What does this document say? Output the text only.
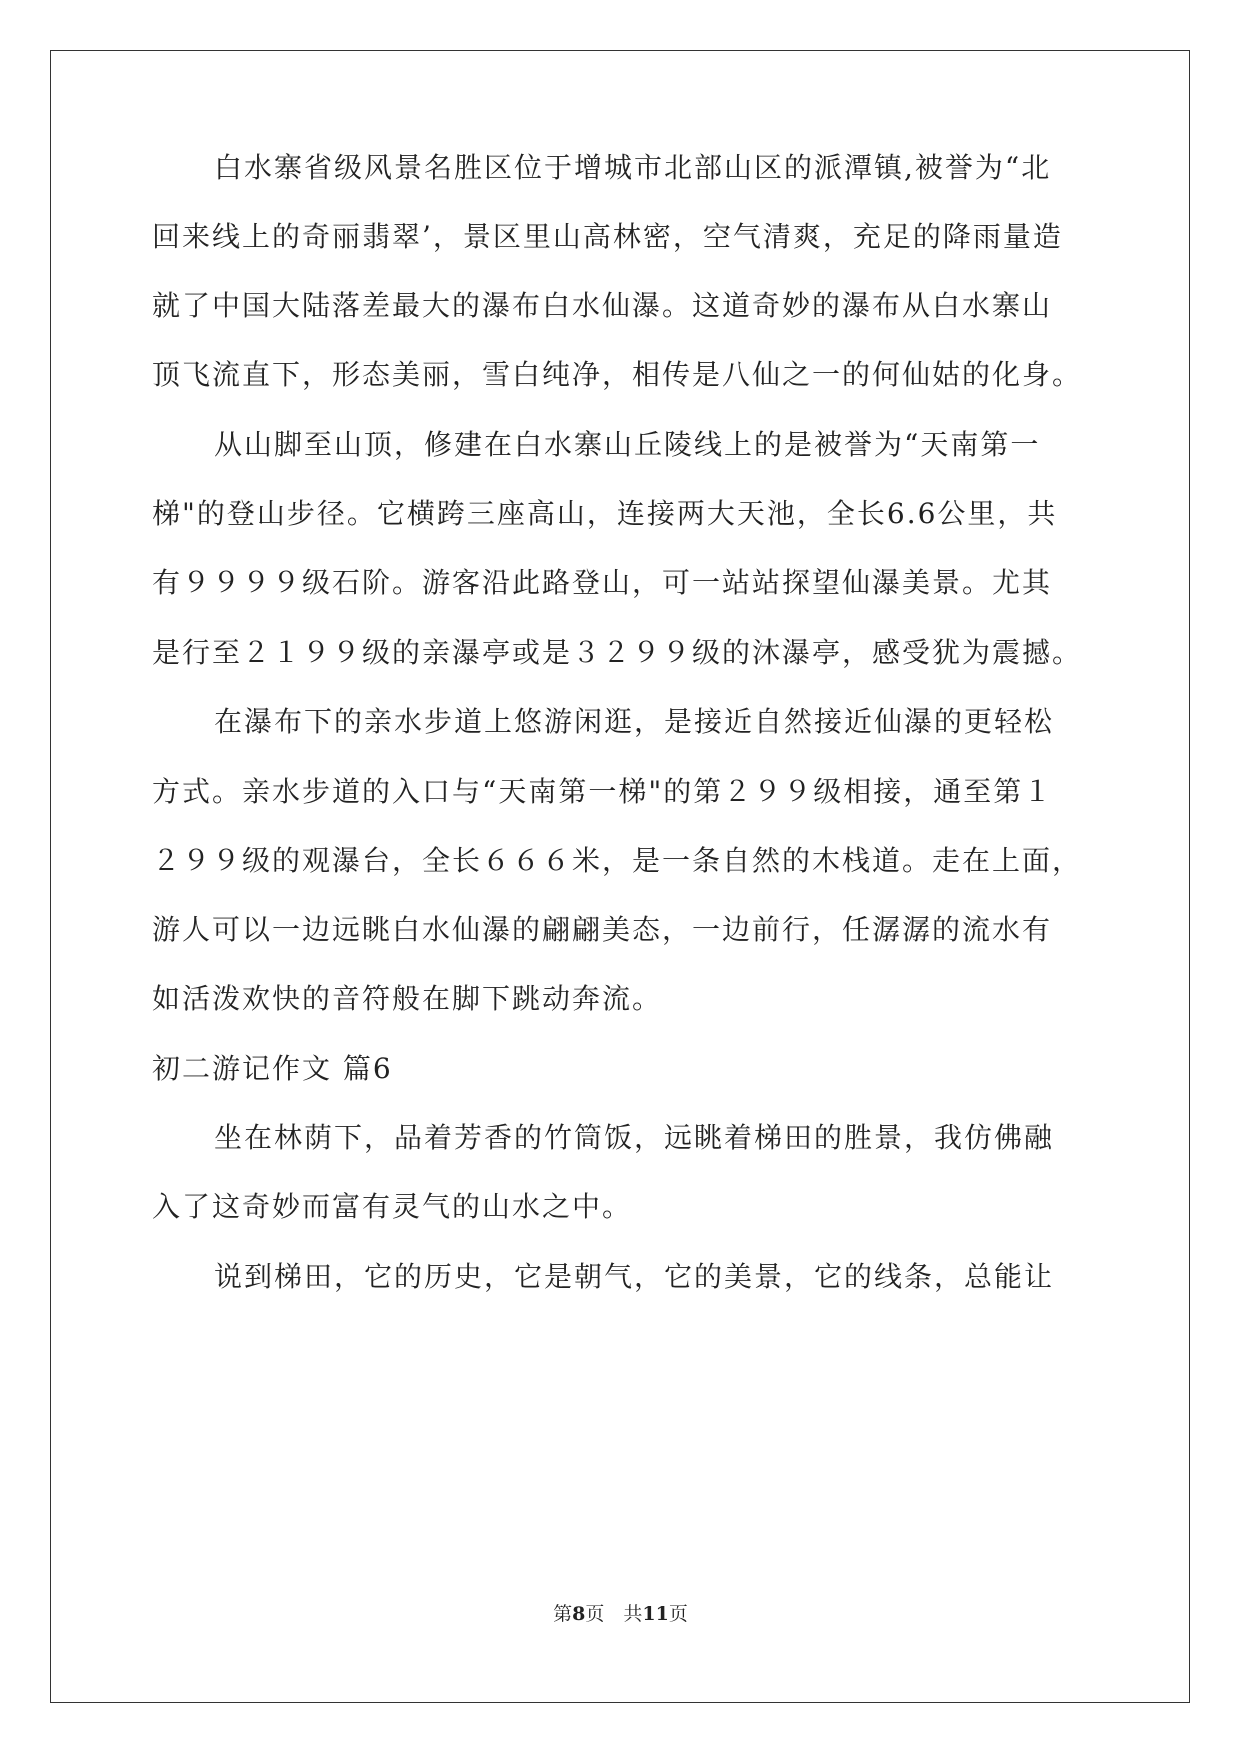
白水寨省级风景名胜区位于增城市北部山区的派潭镇,被誉为“北
回来线上的奇丽翡翠’，景区里山高林密，空气清爽，充足的降雨量造
就了中国大陆落差最大的瀑布白水仙瀑。这道奇妙的瀑布从白水寨山
顶飞流直下，形态美丽，雪白纯净，相传是八仙之一的何仙姑的化身。
从山脚至山顶，修建在白水寨山丘陵线上的是被誉为“天南第一
梯"的登山步径。它横跨三座高山，连接两大天池，全长6.6公里，共
有９９９９级石阶。游客沿此路登山，可一站站探望仙瀑美景。尤其
是行至２１９９级的亲瀑亭或是３２９９级的沐瀑亭，感受犹为震撼。
在瀑布下的亲水步道上悠游闲逛，是接近自然接近仙瀑的更轻松
方式。亲水步道的入口与“天南第一梯"的第２９９级相接，通至第１
２９９级的观瀑台，全长６６６米，是一条自然的木栈道。走在上面，
游人可以一边远眺白水仙瀑的翩翩美态，一边前行，任潺潺的流水有
如活泼欢快的音符般在脚下跳动奔流。
初二游记作文 篇6
坐在林荫下，品着芳香的竹筒饭，远眺着梯田的胜景，我仿佛融
入了这奇妙而富有灵气的山水之中。
说到梯田，它的历史，它是朝气，它的美景，它的线条，总能让
第8页　共11页
